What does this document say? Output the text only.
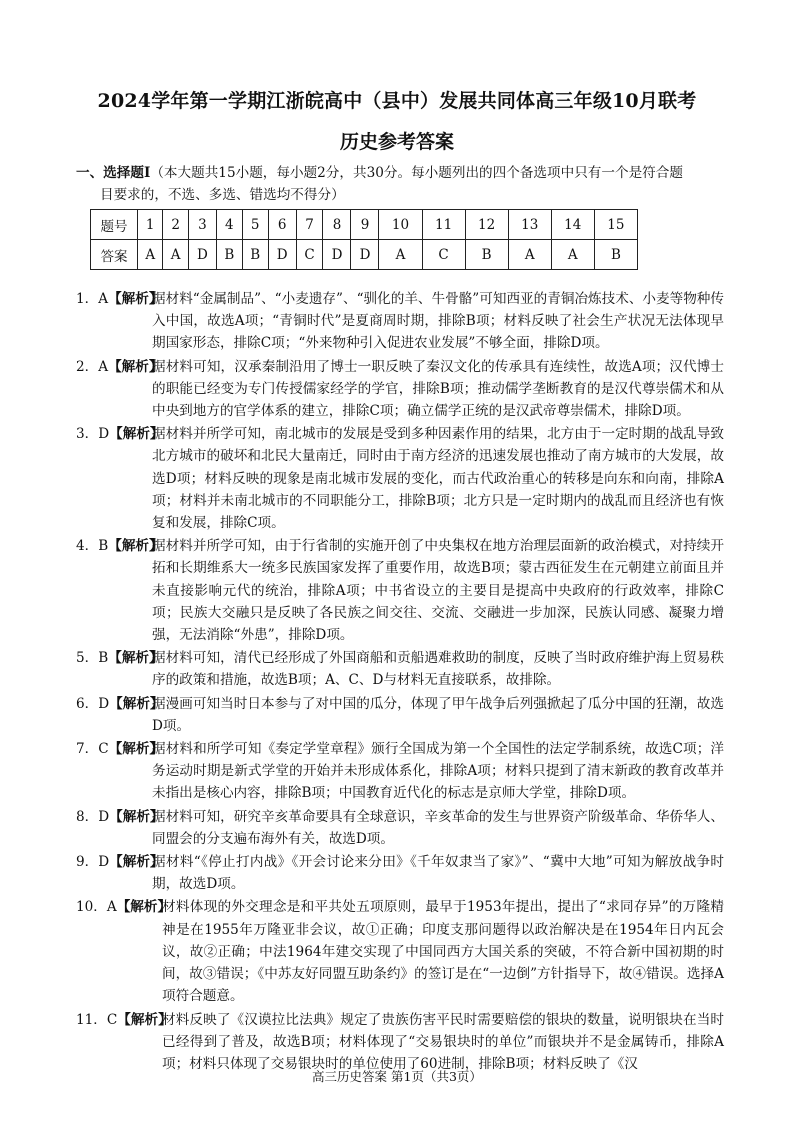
2024学年第一学期江浙皖高中（县中）发展共同体高三年级10月联考
历史参考答案
一、选择题Ⅰ（本大题共15小题，每小题2分，共30分。每小题列出的四个备选项中只有一个是符合题
目要求的，不选、多选、错选均不得分）
题号	1	2	3	4	5	6	7	8	9	10	11	12	13	14	15
答案	A	A	D	B	B	D	C	D	D	A	C	B	A	A	B
1．A【解析】
据材料“金属制品”、“小麦遗存”、“驯化的羊、牛骨骼”可知西亚的青铜冶炼技术、小麦等物种传入中国，故选A项；“青铜时代”是夏商周时期，排除B项；材料反映了社会生产状况无法体现早期国家形态，排除C项；“外来物种引入促进农业发展”不够全面，排除D项。
2．A【解析】
据材料可知，汉承秦制沿用了博士一职反映了秦汉文化的传承具有连续性，故选A项；汉代博士的职能已经变为专门传授儒家经学的学官，排除B项；推动儒学垄断教育的是汉代尊崇儒术和从中央到地方的官学体系的建立，排除C项；确立儒学正统的是汉武帝尊崇儒术，排除D项。
3．D【解析】
据材料并所学可知，南北城市的发展是受到多种因素作用的结果，北方由于一定时期的战乱导致北方城市的破坏和北民大量南迁，同时由于南方经济的迅速发展也推动了南方城市的大发展，故选D项；材料反映的现象是南北城市发展的变化，而古代政治重心的转移是向东和向南，排除A项；材料并未南北城市的不同职能分工，排除B项；北方只是一定时期内的战乱而且经济也有恢复和发展，排除C项。
4．B【解析】
据材料并所学可知，由于行省制的实施开创了中央集权在地方治理层面新的政治模式，对持续开拓和长期维系大一统多民族国家发挥了重要作用，故选B项；蒙古西征发生在元朝建立前面且并未直接影响元代的统治，排除A项；中书省设立的主要目是提高中央政府的行政效率，排除C项；民族大交融只是反映了各民族之间交往、交流、交融进一步加深，民族认同感、凝聚力增强，无法消除“外患”，排除D项。
5．B【解析】
据材料可知，清代已经形成了外国商船和贡船遇难救助的制度，反映了当时政府维护海上贸易秩序的政策和措施，故选B项；A、C、D与材料无直接联系，故排除。
6．D【解析】
据漫画可知当时日本参与了对中国的瓜分，体现了甲午战争后列强掀起了瓜分中国的狂潮，故选D项。
7．C【解析】
据材料和所学可知《奏定学堂章程》颁行全国成为第一个全国性的法定学制系统，故选C项；洋务运动时期是新式学堂的开始并未形成体系化，排除A项；材料只提到了清末新政的教育改革并未指出是核心内容，排除B项；中国教育近代化的标志是京师大学堂，排除D项。
8．D【解析】
据材料可知，研究辛亥革命要具有全球意识，辛亥革命的发生与世界资产阶级革命、华侨华人、同盟会的分支遍布海外有关，故选D项。
9．D【解析】
据材料“《停止打内战》《开会讨论来分田》《千年奴隶当了家》”、“冀中大地”可知为解放战争时期，故选D项。
10．A【解析】
材料体现的外交理念是和平共处五项原则，最早于1953年提出，提出了“求同存异”的万隆精神是在1955年万隆亚非会议，故①正确；印度支那问题得以政治解决是在1954年日内瓦会议，故②正确；中法1964年建交实现了中国同西方大国关系的突破，不符合新中国初期的时间，故③错误；《中苏友好同盟互助条约》的签订是在“一边倒”方针指导下，故④错误。选择A项符合题意。
11．C【解析】
材料反映了《汉谟拉比法典》规定了贵族伤害平民时需要赔偿的银块的数量，说明银块在当时已经得到了普及，故选B项；材料体现了“交易银块时的单位”而银块并不是金属铸币，排除A项；材料只体现了交易银块时的单位使用了60进制，排除B项；材料反映了《汉
高三历史答案 第1页（共3页）
